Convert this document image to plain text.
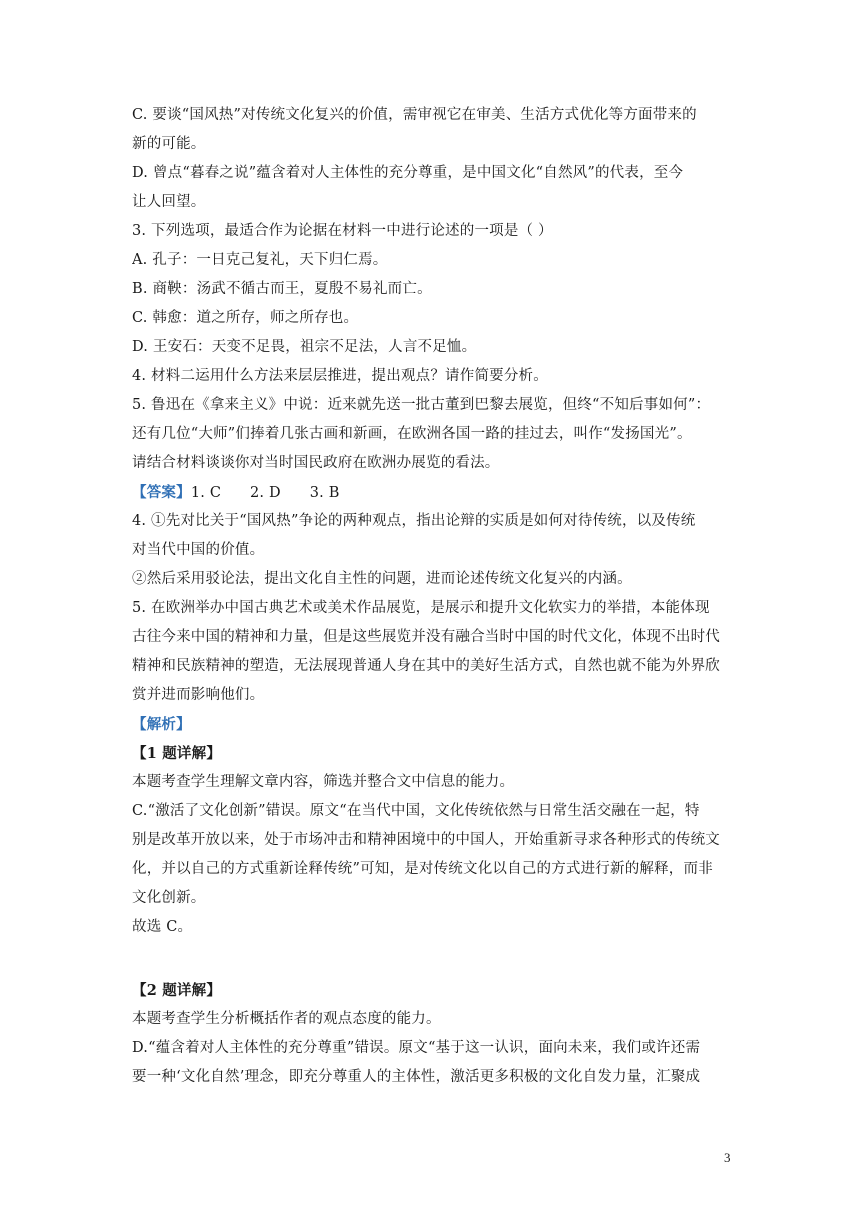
C. 要谈“国风热”对传统文化复兴的价值，需审视它在审美、生活方式优化等方面带来的
新的可能。
D. 曾点“暮春之说”蕴含着对人主体性的充分尊重，是中国文化“自然风”的代表，至今
让人回望。
3. 下列选项，最适合作为论据在材料一中进行论述的一项是（ ）
A. 孔子：一日克己复礼，天下归仁焉。
B. 商鞅：汤武不循古而王，夏殷不易礼而亡。
C. 韩愈：道之所存，师之所存也。
D. 王安石：天变不足畏，祖宗不足法，人言不足恤。
4. 材料二运用什么方法来层层推进，提出观点？请作简要分析。
5. 鲁迅在《拿来主义》中说：近来就先送一批古董到巴黎去展览，但终“不知后事如何”：
还有几位“大师”们捧着几张古画和新画，在欧洲各国一路的挂过去，叫作“发扬国光”。
请结合材料谈谈你对当时国民政府在欧洲办展览的看法。
【答案】1. C      2. D      3. B
4. ①先对比关于“国风热”争论的两种观点，指出论辩的实质是如何对待传统，以及传统
对当代中国的价值。
②然后采用驳论法，提出文化自主性的问题，进而论述传统文化复兴的内涵。
5. 在欧洲举办中国古典艺术或美术作品展览，是展示和提升文化软实力的举措，本能体现
古往今来中国的精神和力量，但是这些展览并没有融合当时中国的时代文化，体现不出时代
精神和民族精神的塑造，无法展现普通人身在其中的美好生活方式，自然也就不能为外界欣
赏并进而影响他们。
【解析】
【1 题详解】
本题考查学生理解文章内容，筛选并整合文中信息的能力。
C.“激活了文化创新”错误。原文“在当代中国，文化传统依然与日常生活交融在一起，特
别是改革开放以来，处于市场冲击和精神困境中的中国人，开始重新寻求各种形式的传统文
化，并以自己的方式重新诠释传统”可知，是对传统文化以自己的方式进行新的解释，而非
文化创新。
故选 C。
【2 题详解】
本题考查学生分析概括作者的观点态度的能力。
D.“蕴含着对人主体性的充分尊重”错误。原文“基于这一认识，面向未来，我们或许还需
要一种‘文化自然’理念，即充分尊重人的主体性，激活更多积极的文化自发力量，汇聚成
3
